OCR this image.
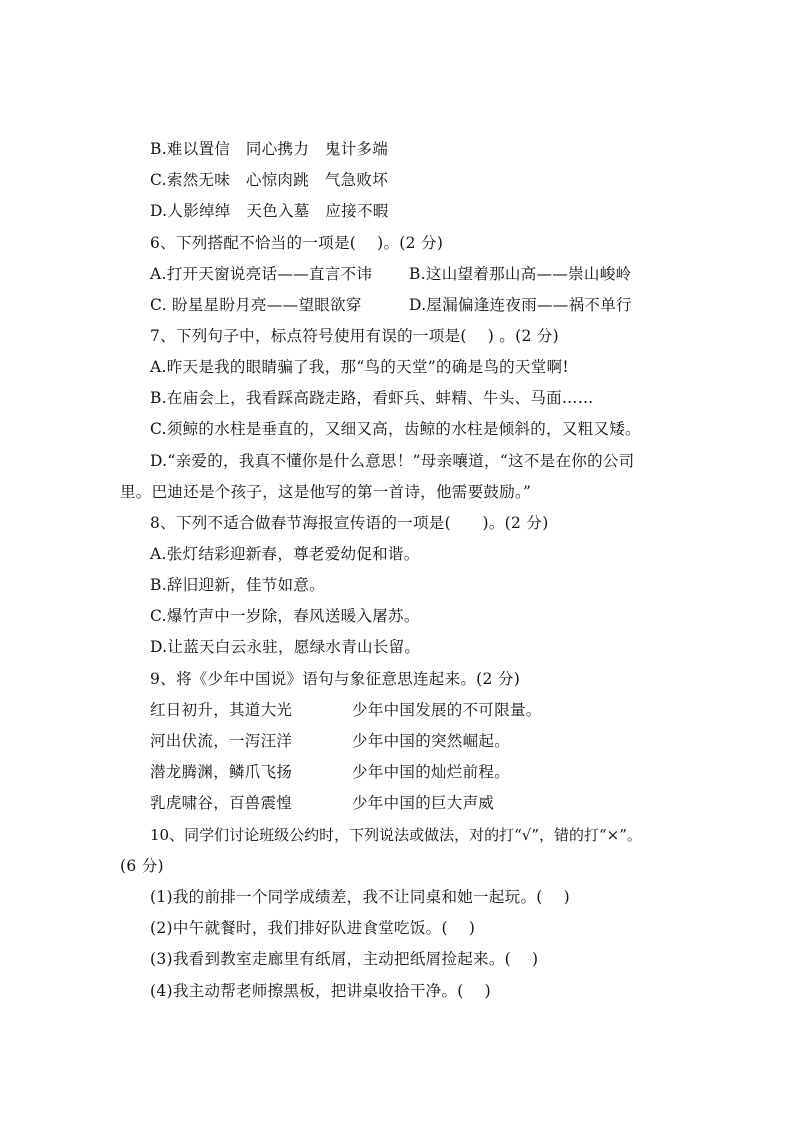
B.难以置信　同心携力　鬼计多端
C.索然无味　心惊肉跳　气急败坏
D.人影绰绰　天色入墓　应接不暇
6、下列搭配不恰当的一项是(　 )。(2 分)
A.打开天窗说亮话——直言不讳 B.这山望着那山高——崇山峻岭
C. 盼星星盼月亮——望眼欲穿	D.屋漏偏逢连夜雨——祸不单行
7、下列句子中，标点符号使用有误的一项是(　 ) 。(2 分)
A.昨天是我的眼睛骗了我，那“鸟的天堂”的确是鸟的天堂啊!
B.在庙会上，我看踩高跷走路，看虾兵、蚌精、牛头、马面……
C.须鲸的水柱是垂直的，又细又高，齿鲸的水柱是倾斜的，又粗又矮。
D.“亲爱的，我真不懂你是什么意思！”母亲嚷道，“这不是在你的公司
里。巴迪还是个孩子，这是他写的第一首诗，他需要鼓励。”
8、下列不适合做春节海报宣传语的一项是(　　)。(2 分)
A.张灯结彩迎新春，尊老爱幼促和谐。
B.辞旧迎新，佳节如意。
C.爆竹声中一岁除，春风送暖入屠苏。
D.让蓝天白云永驻，愿绿水青山长留。
9、将《少年中国说》语句与象征意思连起来。(2 分)
红日初升，其道大光	少年中国发展的不可限量。
河出伏流，一泻汪洋	少年中国的突然崛起。
潜龙腾渊，鳞爪飞扬	少年中国的灿烂前程。
乳虎啸谷，百兽震惶	少年中国的巨大声威
10、同学们讨论班级公约时，下列说法或做法，对的打“√”，错的打“×”。
(6 分)
(1)我的前排一个同学成绩差，我不让同桌和她一起玩。(　 )
(2)中午就餐时，我们排好队进食堂吃饭。(　 )
(3)我看到教室走廊里有纸屑，主动把纸屑捡起来。(　 )
(4)我主动帮老师擦黑板，把讲桌收拾干净。(　 )
